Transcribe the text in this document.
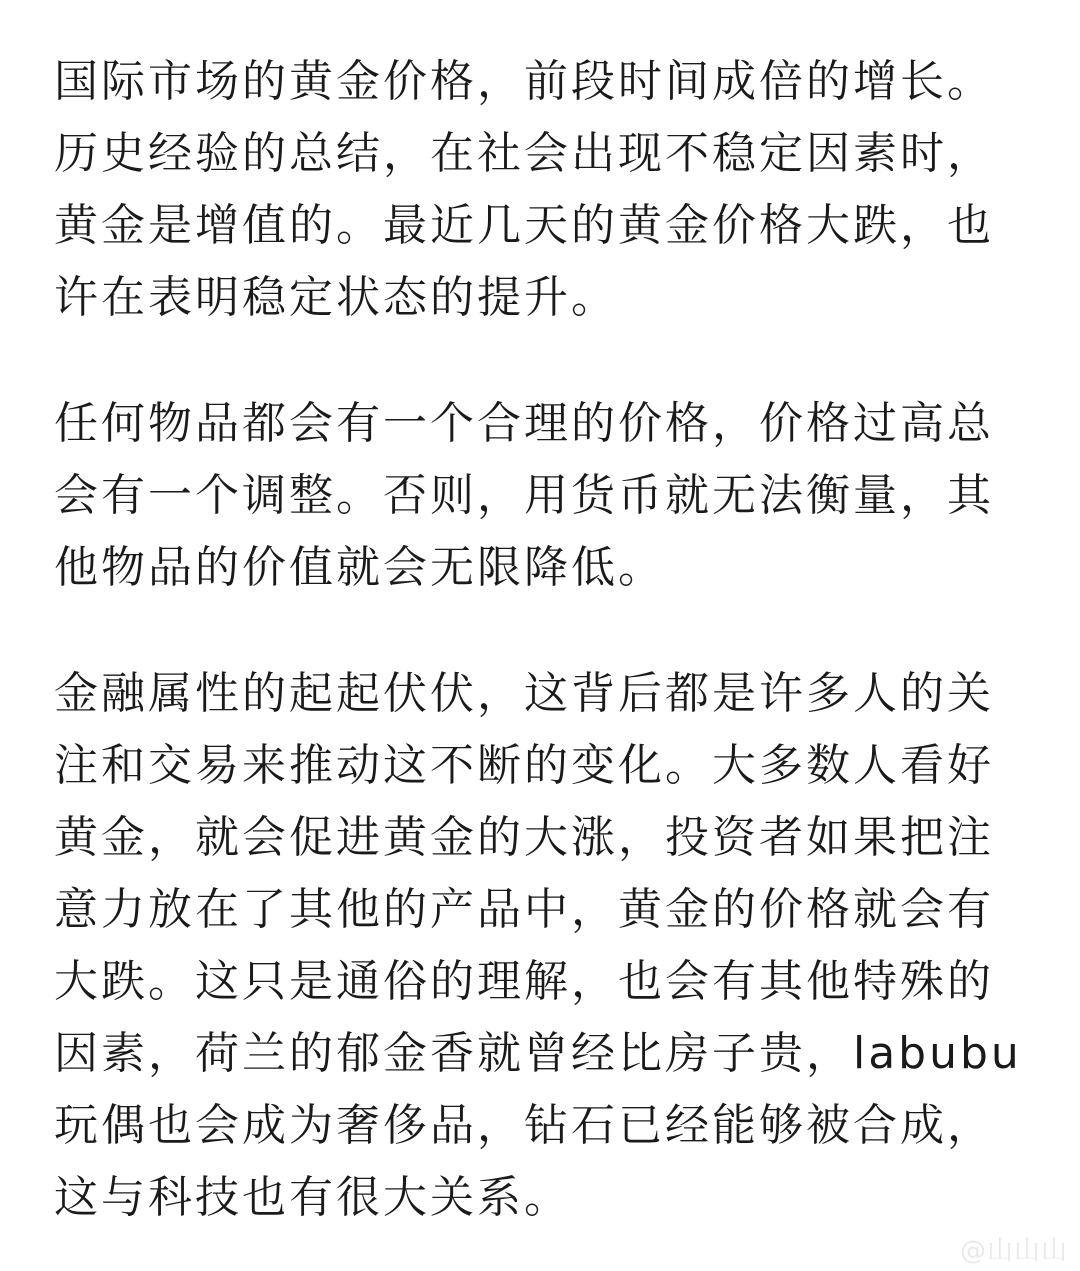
国际市场的黄金价格，前段时间成倍的增长。历史经验的总结，在社会出现不稳定因素时，黄金是增值的。最近几天的黄金价格大跌，也许在表明稳定状态的提升。

任何物品都会有一个合理的价格，价格过高总会有一个调整。否则，用货币就无法衡量，其他物品的价值就会无限降低。

金融属性的起起伏伏，这背后都是许多人的关注和交易来推动这不断的变化。大多数人看好黄金，就会促进黄金的大涨，投资者如果把注意力放在了其他的产品中，黄金的价格就会有大跌。这只是通俗的理解，也会有其他特殊的因素，荷兰的郁金香就曾经比房子贵，labubu玩偶也会成为奢侈品，钻石已经能够被合成，这与科技也有很大关系。

@山山山
